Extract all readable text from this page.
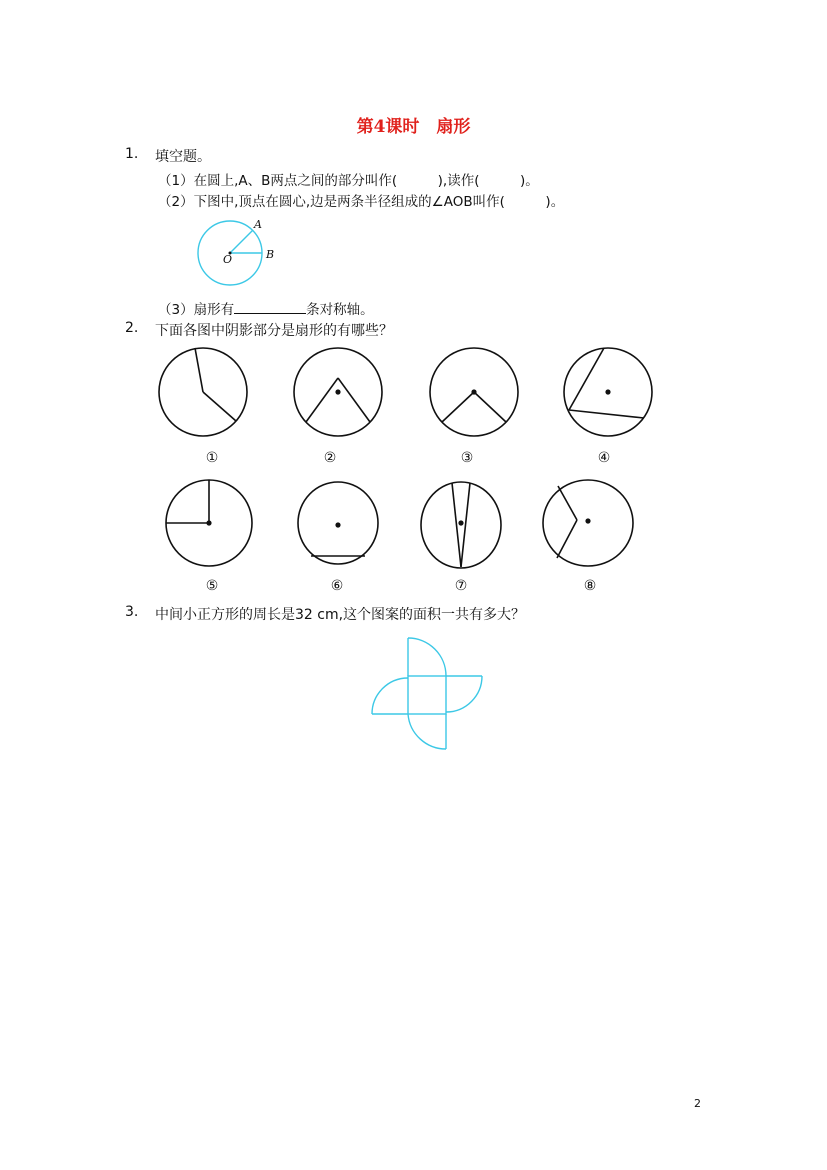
第4课时　扇形
1. 填空题。
（1）在圆上,A、B两点之间的部分叫作(　　　),读作(　　　)。
（2）下图中,顶点在圆心,边是两条半径组成的∠AOB叫作(　　　)。
A
B
O
（3）扇形有	条对称轴。
2. 下面各图中阴影部分是扇形的有哪些？
①	②	③	④
⑤	⑥	⑦	⑧
3. 中间小正方形的周长是32 cm,这个图案的面积一共有多大？
2
